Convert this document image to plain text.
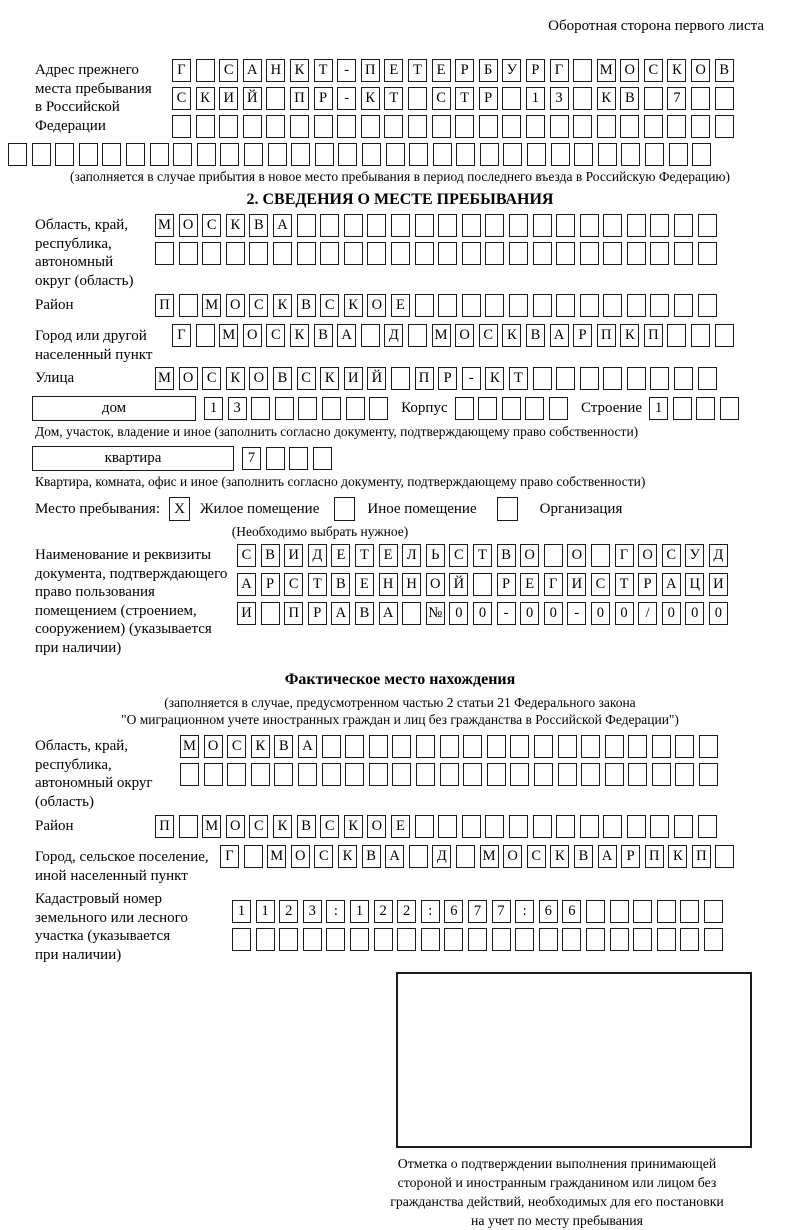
Оборотная сторона первого листа
Адрес прежнего
места пребывания
в Российской
Федерации
Г	С А Н К Т	-	П Е	Т	Е	Р	Б У Р	Г	М О С К О В
С К И Й	П Р	-	К Т	С Т	Р	1	3	К В	7
(заполняется в случае прибытия в новое место пребывания в период последнего въезда в Российскую Федерацию)
2. СВЕДЕНИЯ О МЕСТЕ ПРЕБЫВАНИЯ
Область, край,
республика,
автономный
округ (область)
М О С К В А
Район	П М О С К В С К О Е
Город или другой
населенный пункт
Г	М О С К В А	Д	М О С К В А Р П К П
Улица	М О С К О В С К И Й	П Р	-	К Т
дом	1	3	Корпус	Строение 1
Дом, участок, владение и иное (заполнить согласно документу, подтверждающему право собственности)
квартира	7
Квартира, комната, офис и иное (заполнить согласно документу, подтверждающему право собственности)
Место пребывания: X	Жилое помещение	Иное помещение	Организация
(Необходимо выбрать нужное)
Наименование и реквизиты
документа, подтверждающего
право пользования
помещением (строением,
сооружением) (указывается
при наличии)
С В И Д Е	Т	Е Л	Ь	С Т В О	О	Г О С У Д
А Р	С Т В Е Н Н О Й	Р	Е	Г И С Т	Р А Ц И
И	П Р А В А № 0	0	-	0	0	-	0	0	/	0	0	0
Фактическое место нахождения
(заполняется в случае, предусмотренном частью 2 статьи 21 Федерального закона
"О миграционном учете иностранных граждан и лиц без гражданства в Российской Федерации")
Область, край,
республика,
автономный округ
(область)
М О С К В А
Район	П М О С К В С К О Е
Город, сельское поселение,
иной населенный пункт
Г	М О С К В А	Д	М О С К В А Р П К П
Кадастровый номер
земельного или лесного
участка (указывается
при наличии)
1	1	2	3	:	1	2	2	:	6	7	7	:	6	6
Отметка о подтверждении выполнения принимающей
стороной и иностранным гражданином или лицом без
гражданства действий, необходимых для его постановки
на учет по месту пребывания
